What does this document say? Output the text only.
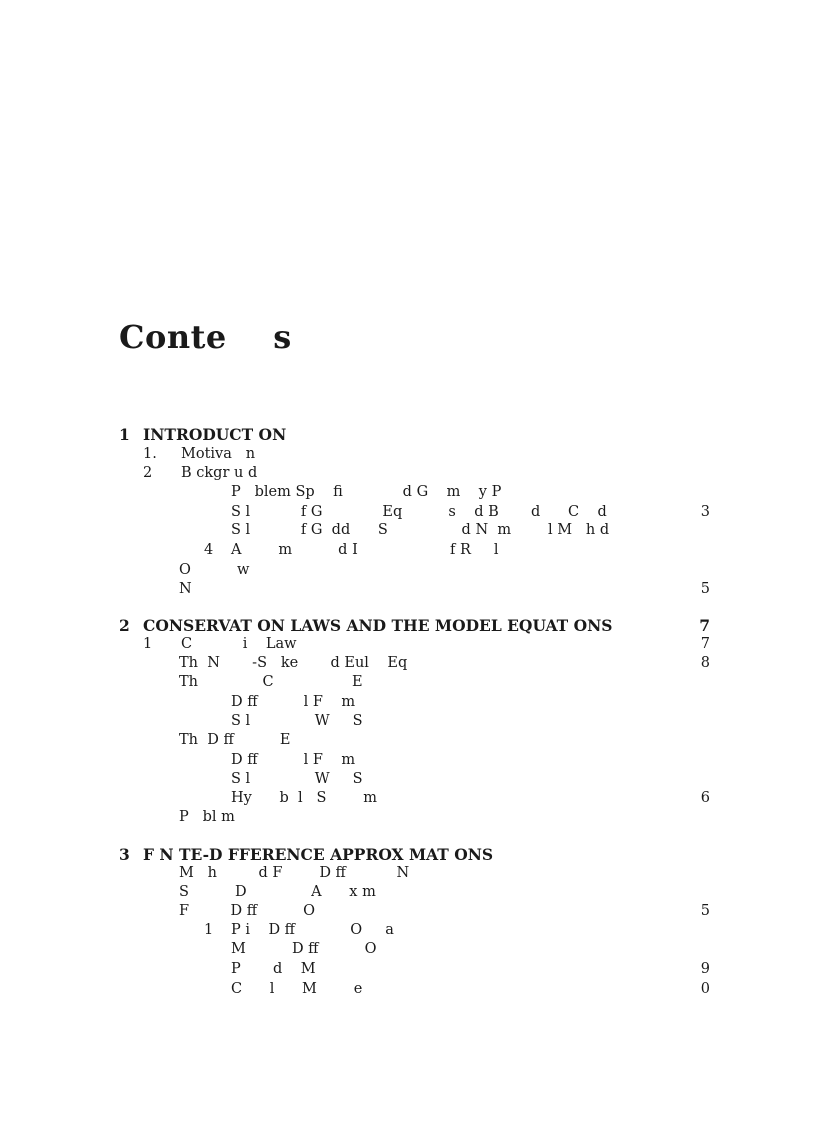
Conte    s
1 INTRODUCT ON
1. Motiva   n
2 B ckgr u d
P   blem Sp    fi             d G    m    y P
S l           f G             Eq          s    d B       d      C    d	3
S l           f G  dd      S                d N  m        l M   h d
4 A        m          d I                    f R     l
O          w
N	5
2 CONSERVAT ON LAWS AND THE MODEL EQUAT ONS	7
1 C           i    Law	7
Th  N       -S   ke       d Eul    Eq	8
Th              C                 E
D ff          l F    m
S l              W     S
Th  D ff          E
D ff          l F    m
S l              W     S
Hy      b  l   S        m	6
P   bl m
3 F N TE-D FFERENCE APPROX MAT ONS
M   h         d F        D ff           N
S          D              A      x m
F         D ff          O	5
1 P i    D ff            O     a
M          D ff          O
P       d    M	9
C      l      M        e	0
